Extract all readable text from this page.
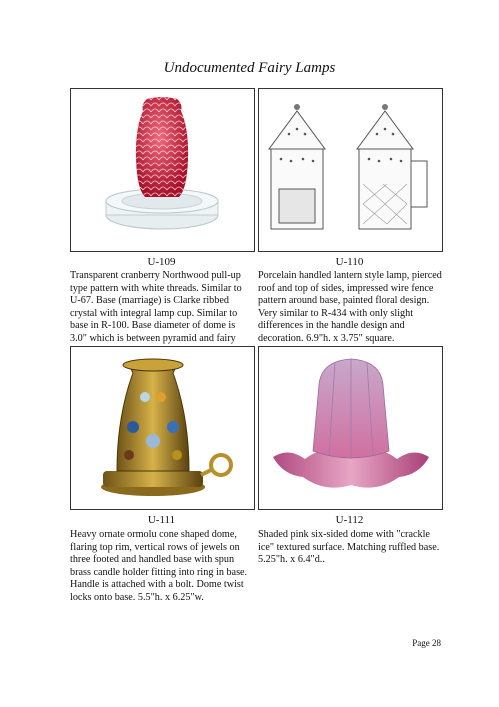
Undocumented Fairy Lamps
U-109

Transparent cranberry Northwood pull-up type pattern with white threads. Similar to U-67. Base (marriage) is Clarke ribbed crystal with integral lamp cup. Similar to base in R-100. Base diameter of dome is 3.0" which is between pyramid and fairy

U-110

Porcelain handled lantern style lamp, pierced roof and top of sides, impressed wire fence pattern around base, painted floral design. Very similar to R-434 with only slight differences in the handle design and decoration. 6.9"h. x 3.75" square.

U-111

Heavy ornate ormolu cone shaped dome, flaring top rim, vertical rows of jewels on three footed and handled base with spun brass candle holder fitting into ring in base. Handle is attached with a bolt. Dome twist locks onto base. 5.5"h. x 6.25"w.

U-112

Shaded pink six-sided dome with "crackle ice" textured surface. Matching ruffled base. 5.25"h. x 6.4"d..

Page 28
